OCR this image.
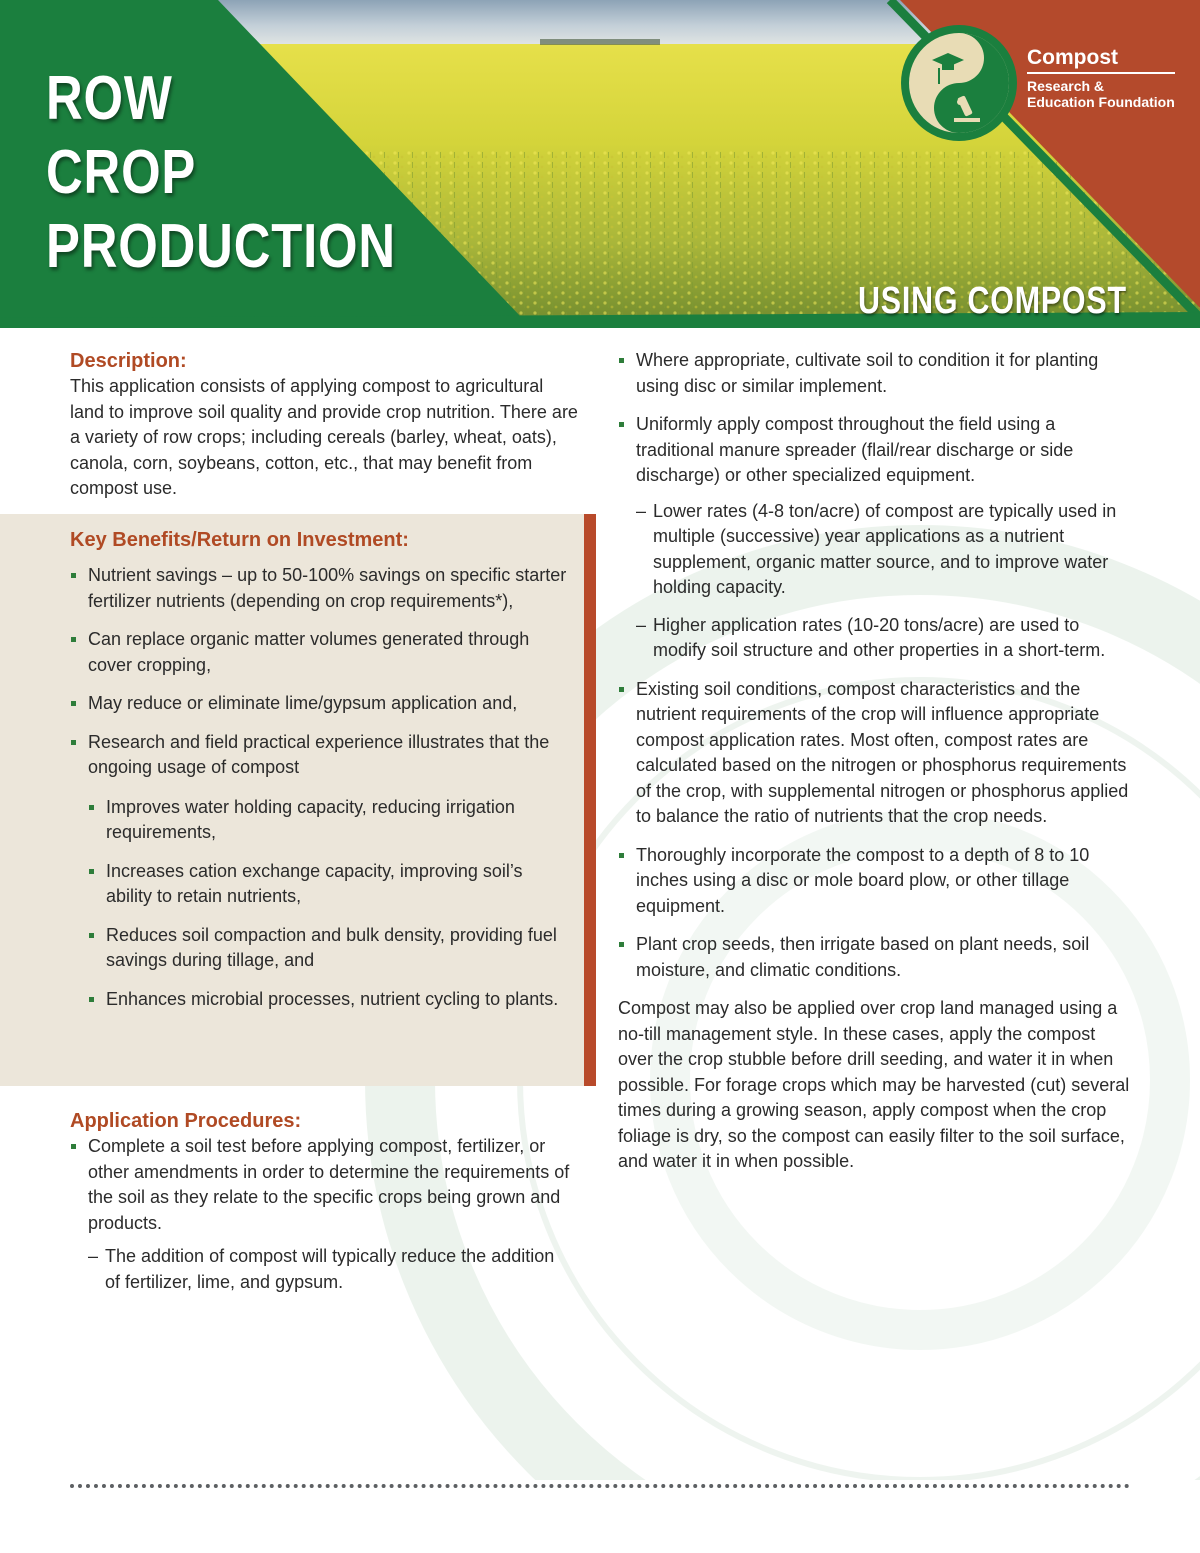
ROW
CROP
PRODUCTION
USING COMPOST
Compost
Research &
Education Foundation
Description:

This application consists of applying compost to agricultural land to improve soil quality and provide crop nutrition. There are a variety of row crops; including cereals (barley, wheat, oats), canola, corn, soybeans, cotton, etc., that may benefit from compost use.

Key Benefits/Return on Investment:
Nutrient savings – up to 50-100% savings on specific starter fertilizer nutrients (depending on crop requirements*),
Can replace organic matter volumes generated through cover cropping,
May reduce or eliminate lime/gypsum application and,
Research and field practical experience illustrates that the ongoing usage of compost
Improves water holding capacity, reducing irrigation requirements,
Increases cation exchange capacity, improving soil’s ability to retain nutrients,
Reduces soil compaction and bulk density, providing fuel savings during tillage, and
Enhances microbial processes, nutrient cycling to plants.
Application Procedures:
Complete a soil test before applying compost, fertilizer, or other amendments in order to determine the requirements of the soil as they relate to the specific crops being grown and products.
– The addition of compost will typically reduce the addition of fertilizer, lime, and gypsum.
Where appropriate, cultivate soil to condition it for planting using disc or similar implement.
Uniformly apply compost throughout the field using a traditional manure spreader (flail/rear discharge or side discharge) or other specialized equipment.
– Lower rates (4-8 ton/acre) of compost are typically used in multiple (successive) year applications as a nutrient supplement, organic matter source, and to improve water holding capacity.
– Higher application rates (10-20 tons/acre) are used to modify soil structure and other properties in a short-term.
Existing soil conditions, compost characteristics and the nutrient requirements of the crop will influence appropriate compost application rates. Most often, compost rates are calculated based on the nitrogen or phosphorus requirements of the crop, with supplemental nitrogen or phosphorus applied to balance the ratio of nutrients that the crop needs.
Thoroughly incorporate the compost to a depth of 8 to 10 inches using a disc or mole board plow, or other tillage equipment.
Plant crop seeds, then irrigate based on plant needs, soil moisture, and climatic conditions.

Compost may also be applied over crop land managed using a no-till management style. In these cases, apply the compost over the crop stubble before drill seeding, and water it in when possible. For forage crops which may be harvested (cut) several times during a growing season, apply compost when the crop foliage is dry, so the compost can easily filter to the soil surface, and water it in when possible.
